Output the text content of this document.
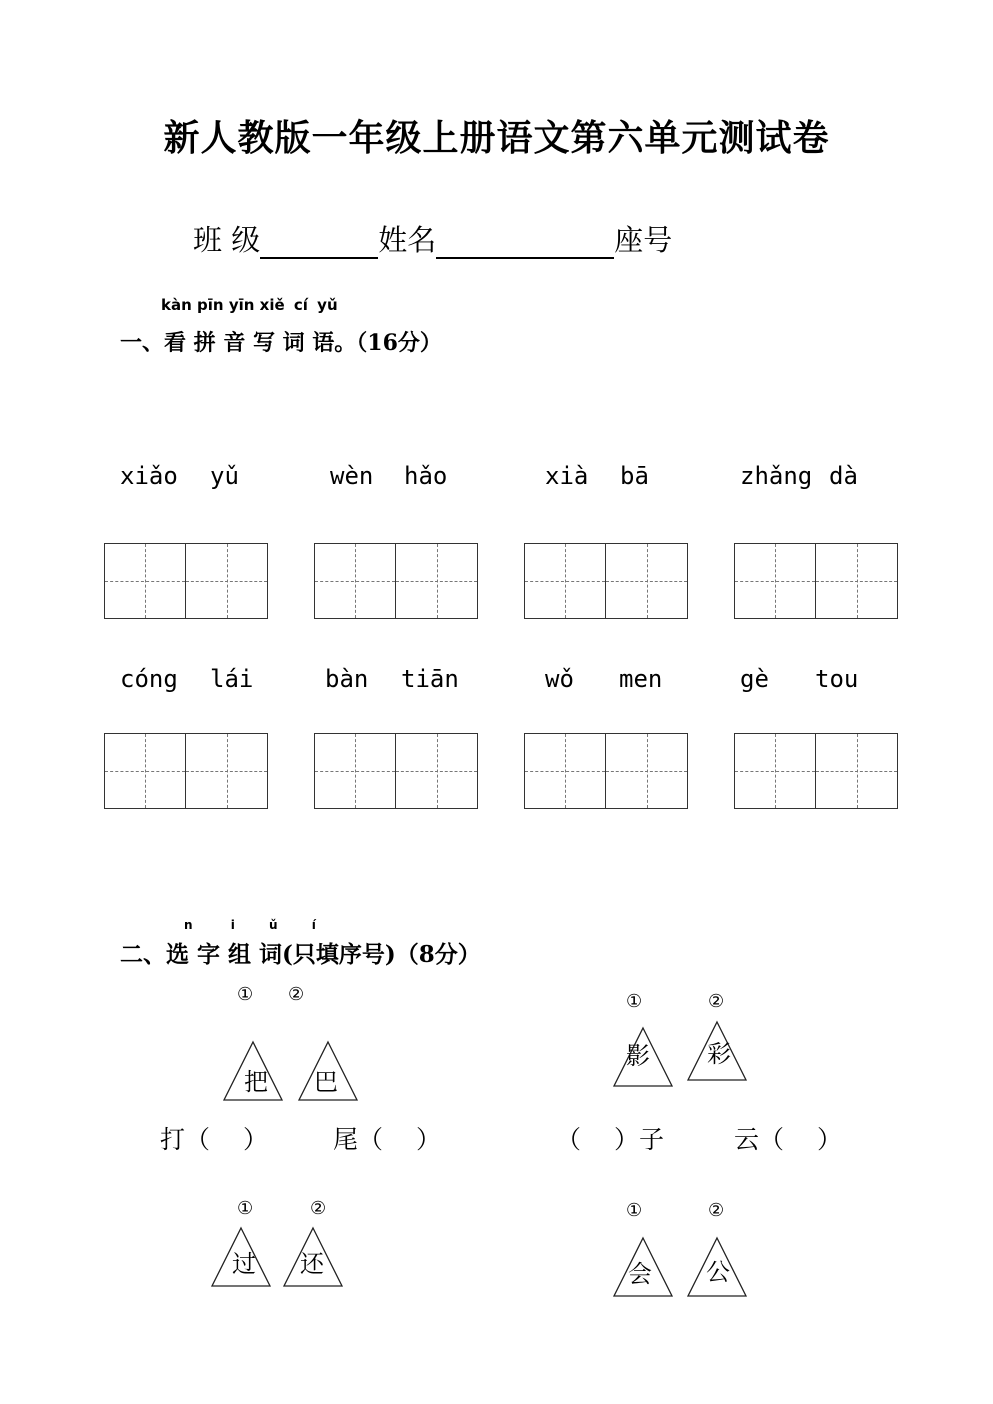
新人教版一年级上册语文第六单元测试卷
班 级	姓名	座号
kàn pīn yīn xiě cí yǔ
一、看 拼 音 写 词 语。（16分）
xiǎo yǔ	wèn hǎo	xià bā	zhǎng dà
cóng lái	bàn tiān	wǒ men	gè tou
n	i	ǔ	í
二、选 字 组 词(只填序号)（8分）
① ②
把 巴
①	②
影 彩
打（　 ）	尾（　 ）	（　 ）子	云（　 ）
①	②
过 还
①	②
会 公
